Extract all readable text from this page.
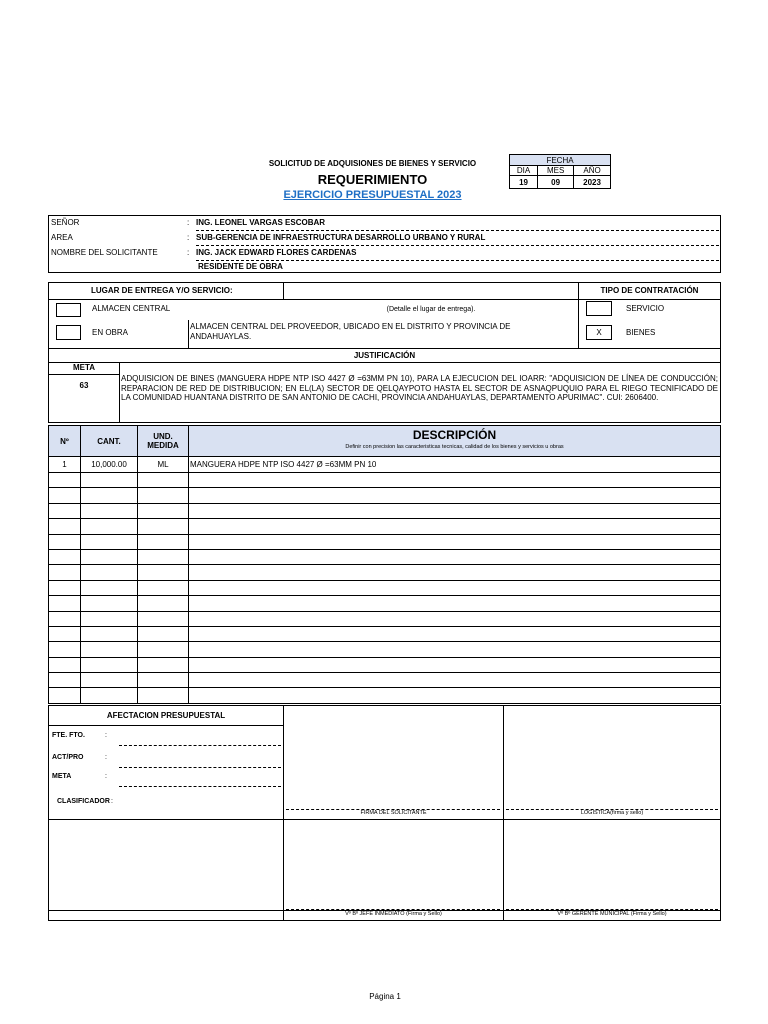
SOLICITUD DE ADQUISIONES DE BIENES Y SERVICIO
REQUERIMIENTO
EJERCICIO PRESUPUESTAL 2023
FECHA		
DIA	MES	AÑO
19	09	2023
SEÑOR	: ING. LEONEL VARGAS ESCOBAR
AREA	: SUB-GERENCIA DE INFRAESTRUCTURA DESARROLLO URBANO Y RURAL
NOMBRE DEL SOLICITANTE	: ING. JACK EDWARD FLORES CARDENAS
RESIDENTE DE OBRA
LUGAR DE ENTREGA Y/O SERVICIO:	TIPO DE CONTRATACIÓN
ALMACEN CENTRAL	(Detalle el lugar de entrega).
EN OBRA
ALMACEN CENTRAL DEL PROVEEDOR, UBICADO EN EL DISTRITO Y PROVINCIA DE ANDAHUAYLAS.
SERVICIO
X	BIENES
JUSTIFICACIÓN
META
63
ADQUISICION DE BINES (MANGUERA HDPE NTP ISO 4427 Ø =63MM PN 10), PARA LA EJECUCION DEL IOARR: "ADQUISICION DE LÍNEA DE CONDUCCIÓN; REPARACION DE RED DE DISTRIBUCION; EN EL(LA) SECTOR DE QELQAYPOTO HASTA EL SECTOR DE ASNAQPUQUIO PARA EL RIEGO TECNIFICADO DE LA COMUNIDAD HUANTANA DISTRITO DE SAN ANTONIO DE CACHI, PROVINCIA ANDAHUAYLAS, DEPARTAMENTO APURIMAC". CUI: 2606400.
Nº	CANT.	UND. MEDIDA	DESCRIPCIÓN
Definir con precision las caracteristicas tecnicas, calidad de los bienes y servicios u obras

1	10,000.00	ML	MANGUERA HDPE NTP ISO 4427 Ø =63MM PN 10

AFECTACION PRESUPUESTAL
FTE. FTO.	:
ACT/PRO	:
META	:
CLASIFICADOR :
FIRMA DEL SOLICITANTE	LOGISTICA(firma y sello)
Vº Bº JEFE INMEDIATO (Firma y Sello)	Vº Bº GERENTE MUNICIPAL (Firma y Sello)
Página 1
